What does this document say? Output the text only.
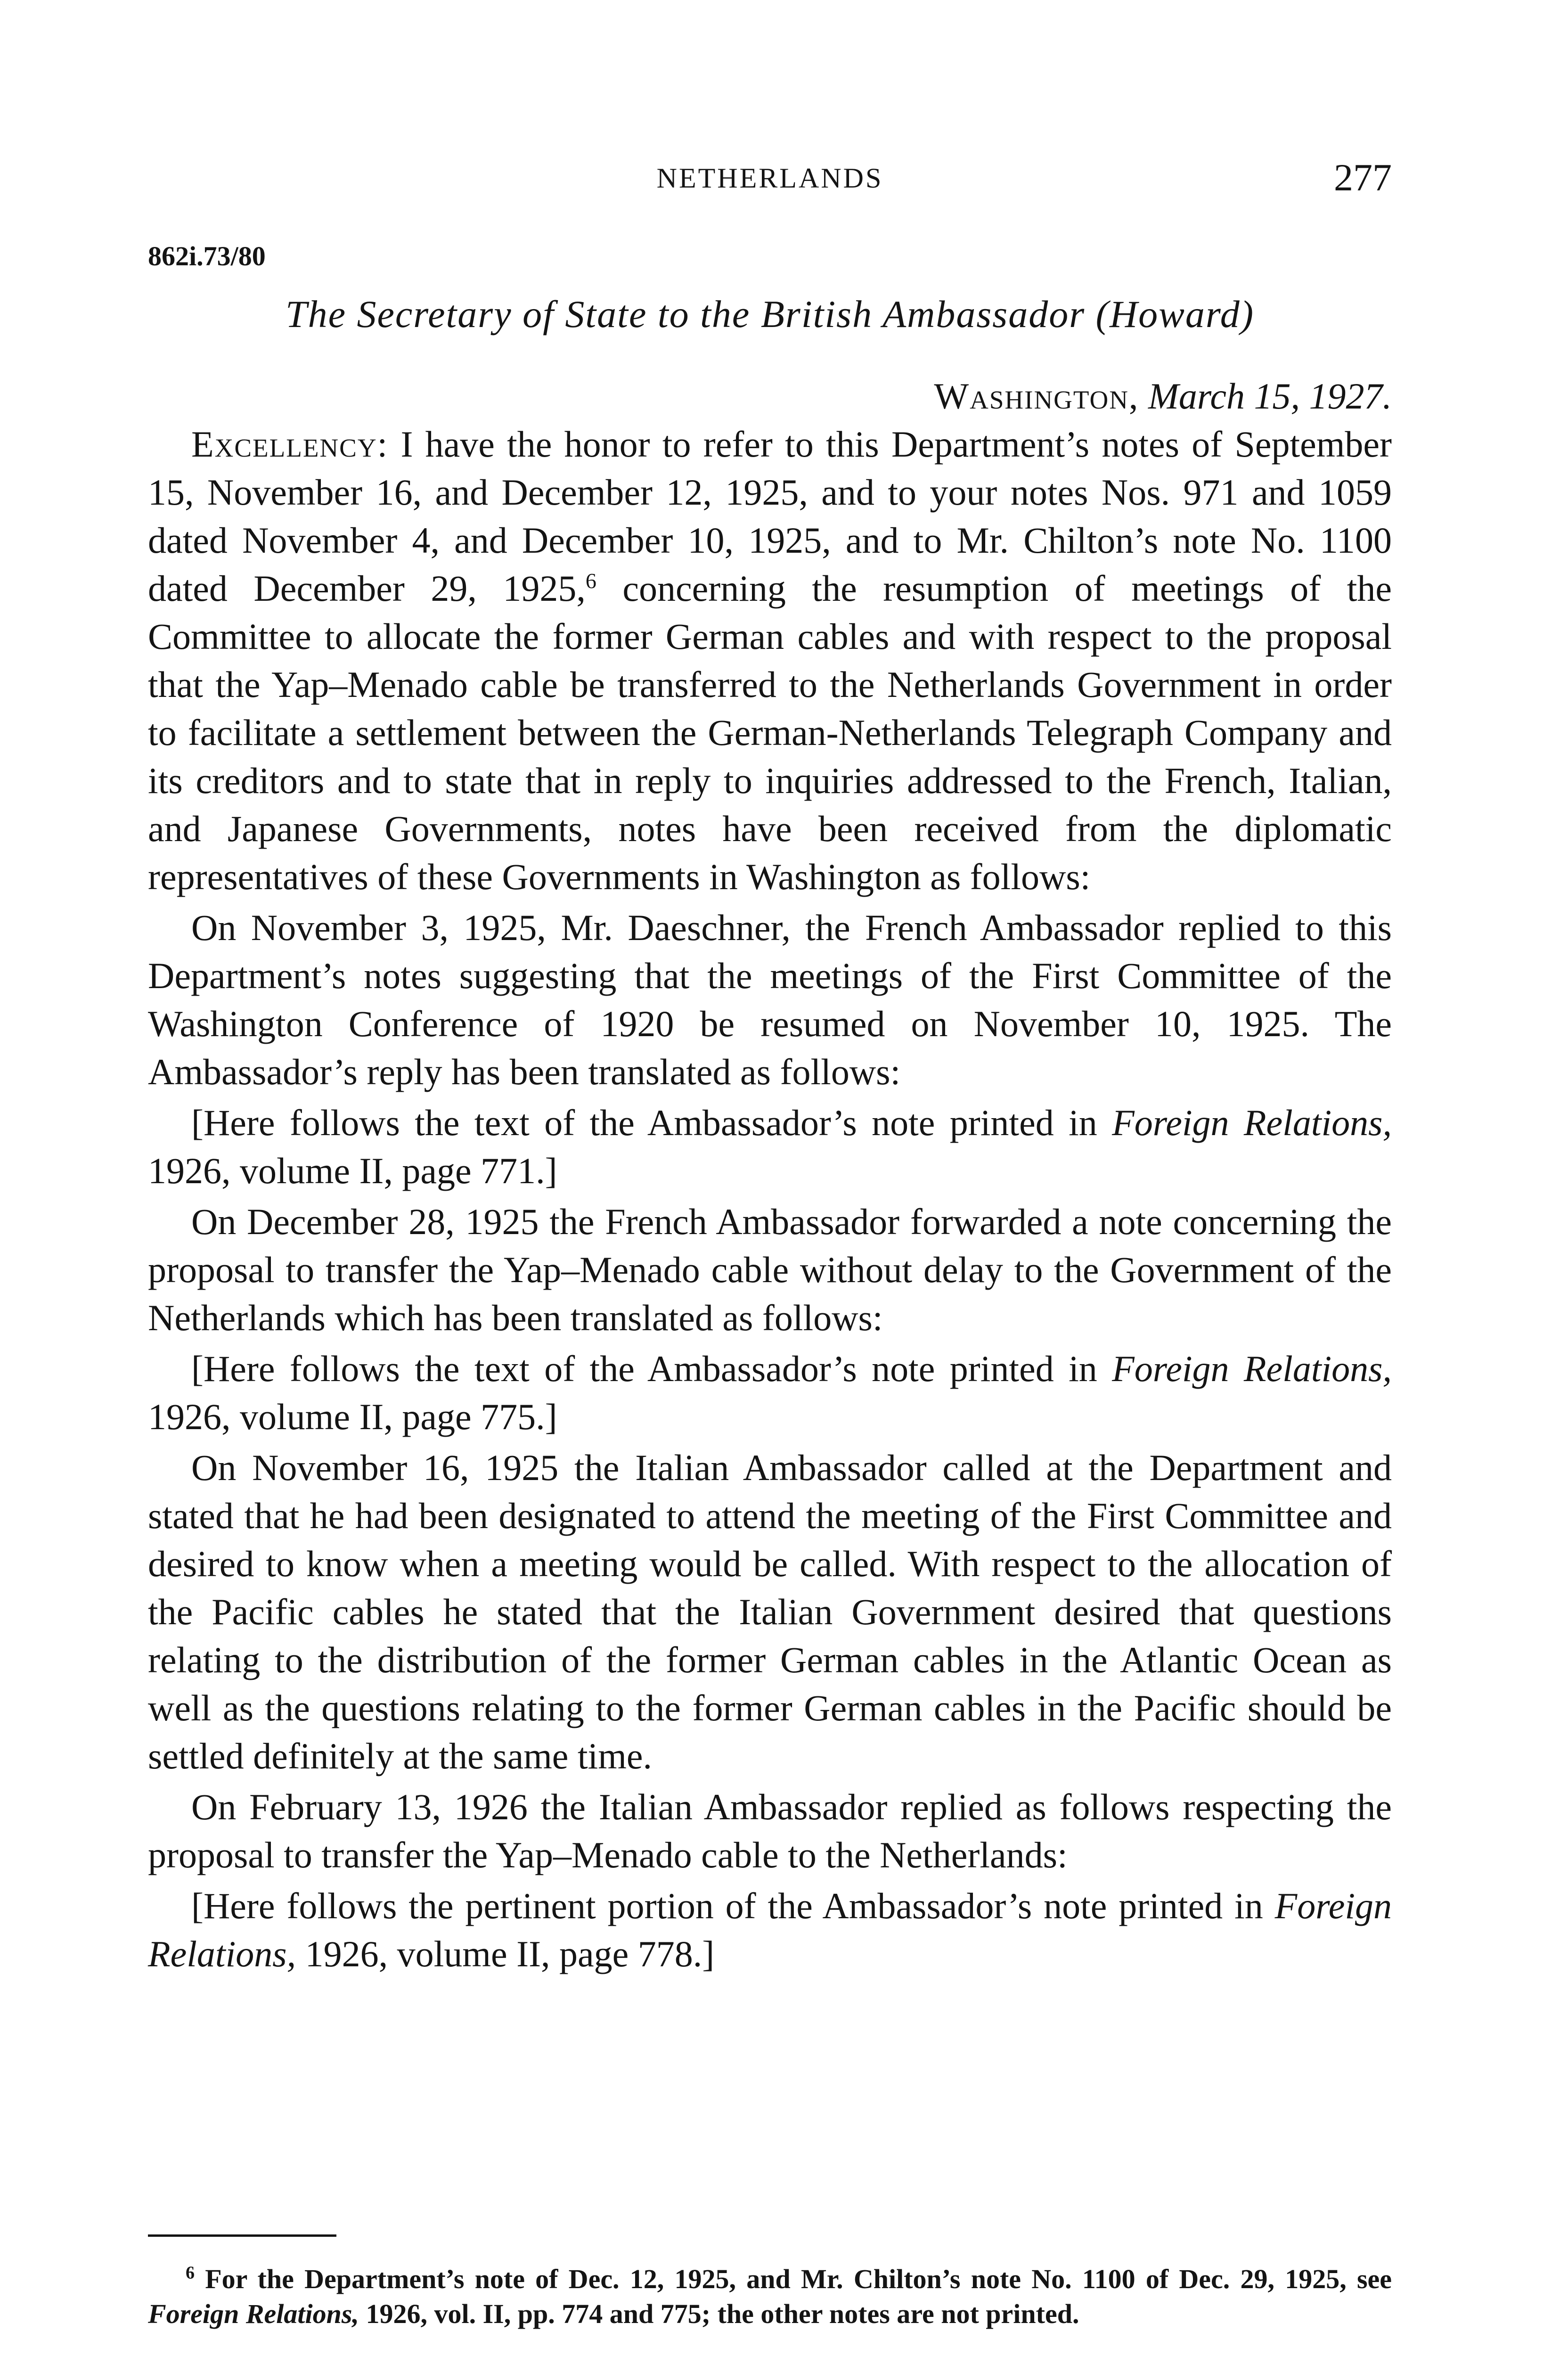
NETHERLANDS	277
862i.73/80
The Secretary of State to the British Ambassador (Howard)
Washington, March 15, 1927.

Excellency: I have the honor to refer to this Department’s notes of September 15, November 16, and December 12, 1925, and to your notes Nos. 971 and 1059 dated November 4, and December 10, 1925, and to Mr. Chilton’s note No. 1100 dated December 29, 1925,$^6$ concerning the resumption of meetings of the Committee to allocate the former German cables and with respect to the proposal that the Yap–Menado cable be transferred to the Netherlands Government in order to facilitate a settlement between the German-Netherlands Telegraph Company and its creditors and to state that in reply to inquiries addressed to the French, Italian, and Japanese Governments, notes have been received from the diplomatic representatives of these Governments in Washington as follows:

On November 3, 1925, Mr. Daeschner, the French Ambassador replied to this Department’s notes suggesting that the meetings of the First Committee of the Washington Conference of 1920 be resumed on November 10, 1925. The Ambassador’s reply has been translated as follows:

[Here follows the text of the Ambassador’s note printed in Foreign Relations, 1926, volume II, page 771.]

On December 28, 1925 the French Ambassador forwarded a note concerning the proposal to transfer the Yap–Menado cable without delay to the Government of the Netherlands which has been translated as follows:

[Here follows the text of the Ambassador’s note printed in Foreign Relations, 1926, volume II, page 775.]

On November 16, 1925 the Italian Ambassador called at the Department and stated that he had been designated to attend the meeting of the First Committee and desired to know when a meeting would be called. With respect to the allocation of the Pacific cables he stated that the Italian Government desired that questions relating to the distribution of the former German cables in the Atlantic Ocean as well as the questions relating to the former German cables in the Pacific should be settled definitely at the same time.

On February 13, 1926 the Italian Ambassador replied as follows respecting the proposal to transfer the Yap–Menado cable to the Netherlands:

[Here follows the pertinent portion of the Ambassador’s note printed in Foreign Relations, 1926, volume II, page 778.]

$^6$ For the Department’s note of Dec. 12, 1925, and Mr. Chilton’s note No. 1100 of Dec. 29, 1925, see Foreign Relations, 1926, vol. II, pp. 774 and 775; the other notes are not printed.
